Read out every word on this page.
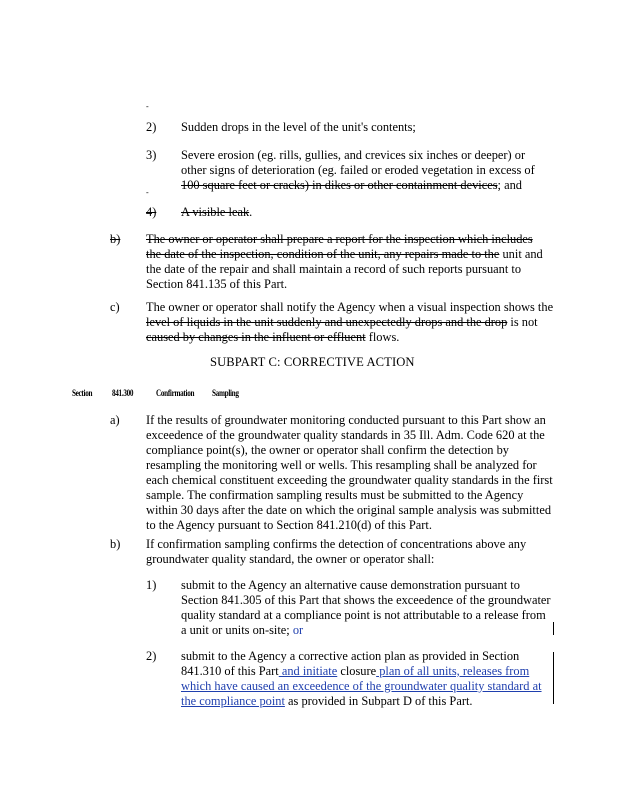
-
-
2) Sudden drops in the level of the unit's contents;
3) Severe erosion (eg. rills, gullies, and crevices six inches or deeper) or
other signs of deterioration (eg. failed or eroded vegetation in excess of
100 square feet or cracks) in dikes or other containment devices; and
4) A visible leak.
b) The owner or operator shall prepare a report for the inspection which includes
the date of the inspection, condition of the unit, any repairs made to the unit and
the date of the repair and shall maintain a record of such reports pursuant to
Section 841.135 of this Part.
c) The owner or operator shall notify the Agency when a visual inspection shows the
level of liquids in the unit suddenly and unexpectedly drops and the drop is not
caused by changes in the influent or effluent flows.
SUBPART C: CORRECTIVE ACTION
Section 841.300	Confirmation Sampling
a) If the results of groundwater monitoring conducted pursuant to this Part show an
exceedence of the groundwater quality standards in 35 Ill. Adm. Code 620 at the
compliance point(s), the owner or operator shall confirm the detection by
resampling the monitoring well or wells. This resampling shall be analyzed for
each chemical constituent exceeding the groundwater quality standards in the first
sample. The confirmation sampling results must be submitted to the Agency
within 30 days after the date on which the original sample analysis was submitted
to the Agency pursuant to Section 841.210(d) of this Part.
b) If confirmation sampling confirms the detection of concentrations above any
groundwater quality standard, the owner or operator shall:
1) submit to the Agency an alternative cause demonstration pursuant to
Section 841.305 of this Part that shows the exceedence of the groundwater
quality standard at a compliance point is not attributable to a release from
a unit or units on-site; or
2) submit to the Agency a corrective action plan as provided in Section
841.310 of this Part and initiate closure plan of all units, releases from
which have caused an exceedence of the groundwater quality standard at
the compliance point as provided in Subpart D of this Part.
